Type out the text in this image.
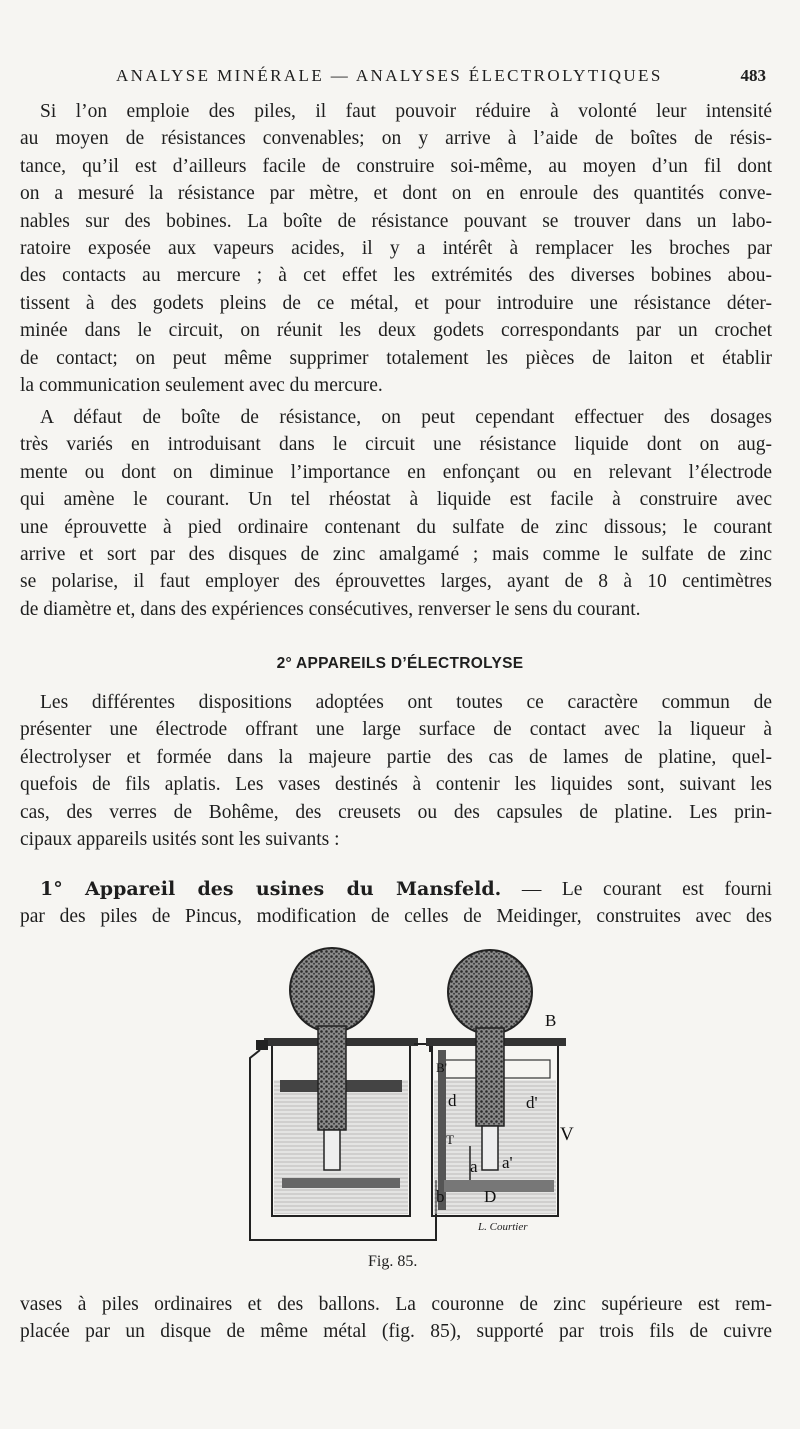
ANALYSE MINÉRALE — ANALYSES ÉLECTROLYTIQUES	483
Si l’on emploie des piles, il faut pouvoir réduire à volonté leur intensité
au moyen de résistances convenables; on y arrive à l’aide de boîtes de résis-
tance, qu’il est d’ailleurs facile de construire soi-même, au moyen d’un fil dont
on a mesuré la résistance par mètre, et dont on en enroule des quantités conve-
nables sur des bobines. La boîte de résistance pouvant se trouver dans un labo-
ratoire exposée aux vapeurs acides, il y a intérêt à remplacer les broches par
des contacts au mercure ; à cet effet les extrémités des diverses bobines abou-
tissent à des godets pleins de ce métal, et pour introduire une résistance déter-
minée dans le circuit, on réunit les deux godets correspondants par un crochet
de contact; on peut même supprimer totalement les pièces de laiton et établir
la communication seulement avec du mercure.
A défaut de boîte de résistance, on peut cependant effectuer des dosages
très variés en introduisant dans le circuit une résistance liquide dont on aug-
mente ou dont on diminue l’importance en enfonçant ou en relevant l’électrode
qui amène le courant. Un tel rhéostat à liquide est facile à construire avec
une éprouvette à pied ordinaire contenant du sulfate de zinc dissous; le courant
arrive et sort par des disques de zinc amalgamé ; mais comme le sulfate de zinc
se polarise, il faut employer des éprouvettes larges, ayant de 8 à 10 centimètres
de diamètre et, dans des expériences consécutives, renverser le sens du courant.
2° APPAREILS D’ÉLECTROLYSE
Les différentes dispositions adoptées ont toutes ce caractère commun de
présenter une électrode offrant une large surface de contact avec la liqueur à
électrolyser et formée dans la majeure partie des cas de lames de platine, quel-
quefois de fils aplatis. Les vases destinés à contenir les liquides sont, suivant les
cas, des verres de Bohême, des creusets ou des capsules de platine. Les prin-
cipaux appareils usités sont les suivants :
1° Appareil des usines du Mansfeld. — Le courant est fourni
par des piles de Pincus, modification de celles de Meidinger, construites avec des
B
B'
d	d'
T	V
a a'
b D
L. Courtier
Fig. 85.
vases à piles ordinaires et des ballons. La couronne de zinc supérieure est rem-
placée par un disque de même métal (fig. 85), supporté par trois fils de cuivre
